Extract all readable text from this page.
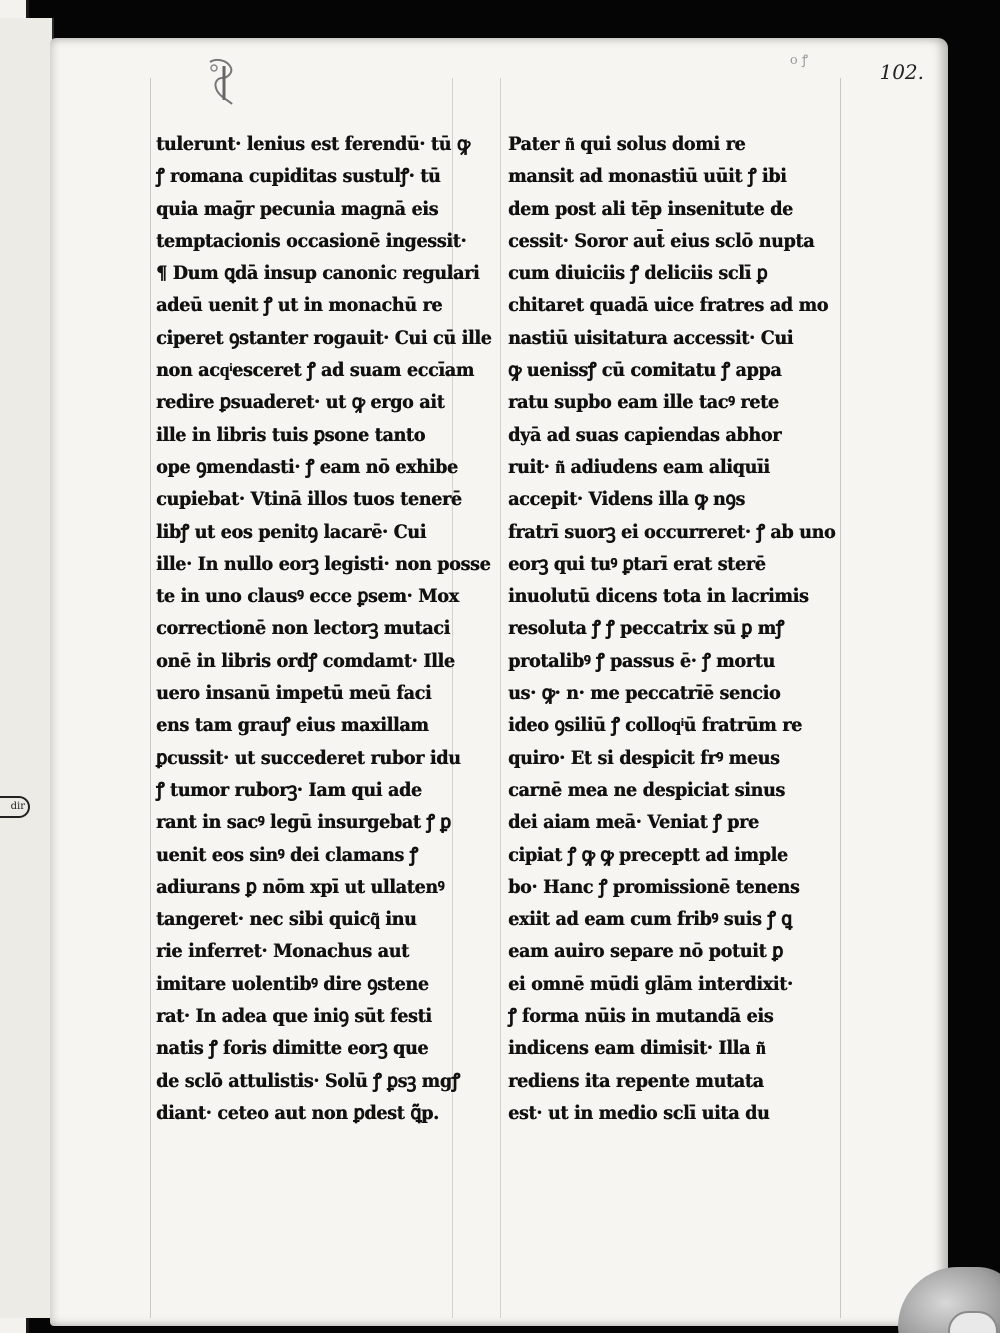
dir
o ꝭ	102.
tulerunt· lenius est ferendū· tū ꝙ
ꝭ romana cupiditas sustulꝭ· tū
quia maḡr pecunia magnā eis
temptacionis occasionē ingessit·
¶ Dum ꝗdā insup canonic regulari
adeū uenit ꝭ ut in monachū re
ciperet ꝯstanter rogauit· Cui cū ille
non acqͥesceret ꝭ ad suam eccīam
redire ꝑsuaderet· ut ꝙ ergo ait
ille in libris tuis ꝑsone tanto
ope ꝯmendasti· ꝭ eam nō exhibe
cupiebat· Vtinā illos tuos tenerē
libꝭ ut eos penitꝯ lacarē· Cui
ille· In nullo eorꝫ legisti· non posse
te in uno clausꝰ ecce ꝑsem· Mox
correctionē non lectorꝫ mutaci
onē in libris ordꝭ comdamt· Ille
uero insanū impetū meū faci
ens tam grauꝭ eius maxillam
ꝑcussit· ut succederet rubor idu
ꝭ tumor ruborꝫ· Iam qui ade
rant in sacꝰ legū insurgebat ꝭ ꝑ
uenit eos sinꝰ dei clamans ꝭ
adiurans ꝑ nōm xpī ut ullatenꝰ
tangeret· nec sibi quicq͂ inu
rie inferret· Monachus aut
imitare uolentibꝰ dire ꝯstene
rat· In adea que iniꝯ sūt festi
natis ꝭ foris dimitte eorꝫ que
de sclō attulistis· Solū ꝭ ꝑsꝫ mgꝭ
diant· ceteo aut non ꝑdest ꝗ͂p.
Pater n͂ qui solus domi re
mansit ad monastiū uūit ꝭ ibi
dem post ali tēp insenitute de
cessit· Soror aut̄ eius sclō nupta
cum diuiciis ꝭ deliciis sclī ꝑ
chitaret quadā uice fratres ad mo
nastiū uisitatura accessit· Cui
ꝙ uenissꝭ cū comitatu ꝭ appa
ratu supbo eam ille tacꝰ rete
dyā ad suas capiendas abhor
ruit· n͂ adiudens eam aliquīi
accepit· Videns illa ꝙ nꝯs
fratrī suorꝫ ei occurreret· ꝭ ab uno
eorꝫ qui tuꝰ ꝑtarī erat sterē
inuolutū dicens tota in lacrimis
resoluta ꝭ ꝭ peccatrix sū ꝑ mꝭ
protalibꝰ ꝭ passus ē· ꝭ mortu
us· ꝙ· n· me peccatrīē sencio
ideo ꝯsiliū ꝭ colloqͥū fratrūm re
quiro· Et si despicit frꝰ meus
carnē mea ne despiciat sinus
dei aiam meā· Veniat ꝭ pre
cipiat ꝭ ꝙ ꝙ preceptt ad imple
bo· Hanc ꝭ promissionē tenens
exiit ad eam cum fribꝰ suis ꝭ ꝗ
eam auiro separe nō potuit ꝑ
ei omnē mūdi glām interdixit·
ꝭ forma nūis in mutandā eis
indicens eam dimisit· Illa n͂
rediens ita repente mutata
est· ut in medio sclī uita du
